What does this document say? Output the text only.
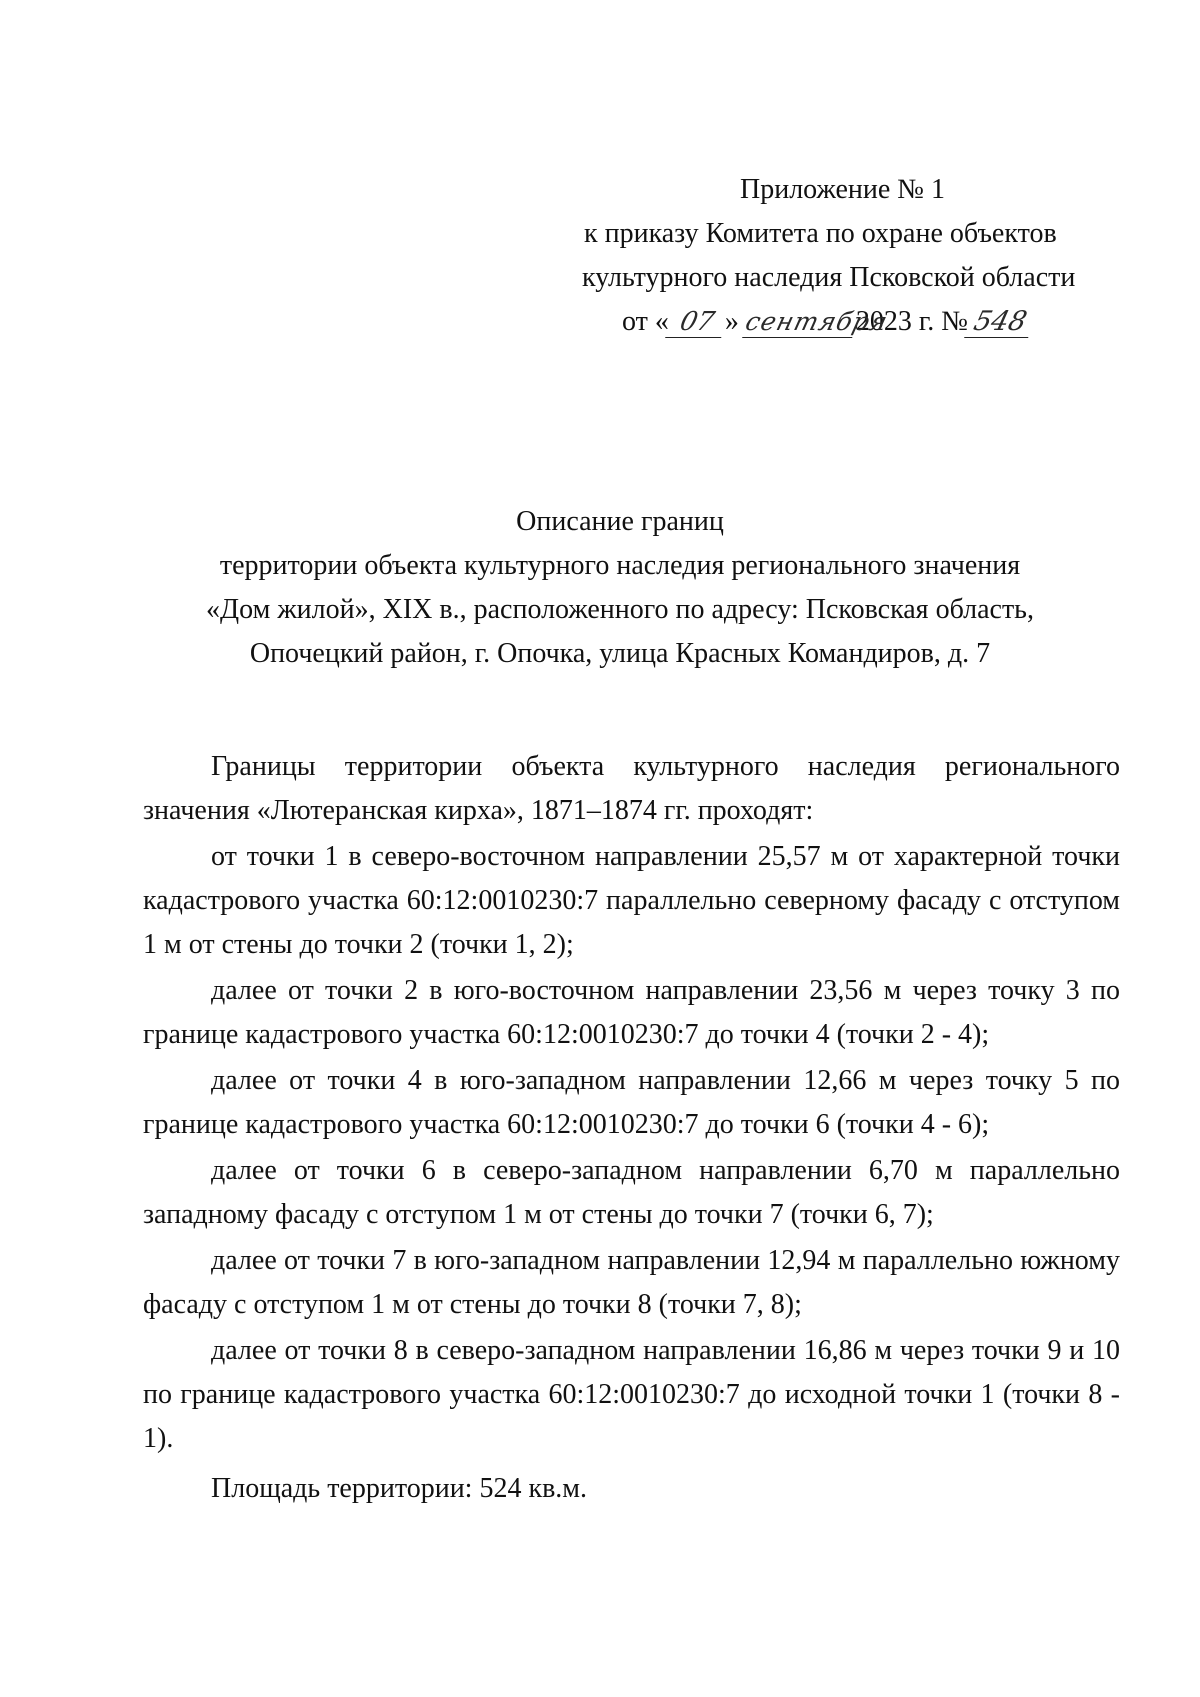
Приложение № 1
к приказу Комитета по охране объектов
культурного наследия Псковской области
от « 07 » сентября2023 г. №548
Описание границ
территории объекта культурного наследия регионального значения
«Дом жилой», XIX в., расположенного по адресу: Псковская область,
Опочецкий район, г. Опочка, улица Красных Командиров, д. 7

Границы территории объекта культурного наследия регионального значения «Лютеранская кирха», 1871–1874 гг. проходят:

от точки 1 в северо-восточном направлении 25,57 м от характерной точки кадастрового участка 60:12:0010230:7 параллельно северному фасаду с отступом 1 м от стены до точки 2 (точки 1, 2);

далее от точки 2 в юго-восточном направлении 23,56 м через точку 3 по границе кадастрового участка 60:12:0010230:7 до точки 4 (точки 2 - 4);

далее от точки 4 в юго-западном направлении 12,66 м через точку 5 по границе кадастрового участка 60:12:0010230:7 до точки 6 (точки 4 - 6);

далее от точки 6 в северо-западном направлении 6,70 м параллельно западному фасаду с отступом 1 м от стены до точки 7 (точки 6, 7);

далее от точки 7 в юго-западном направлении 12,94 м параллельно южному фасаду с отступом 1 м от стены до точки 8 (точки 7, 8);

далее от точки 8 в северо-западном направлении 16,86 м через точки 9 и 10 по границе кадастрового участка 60:12:0010230:7 до исходной точки 1 (точки 8 - 1).

Площадь территории: 524 кв.м.
